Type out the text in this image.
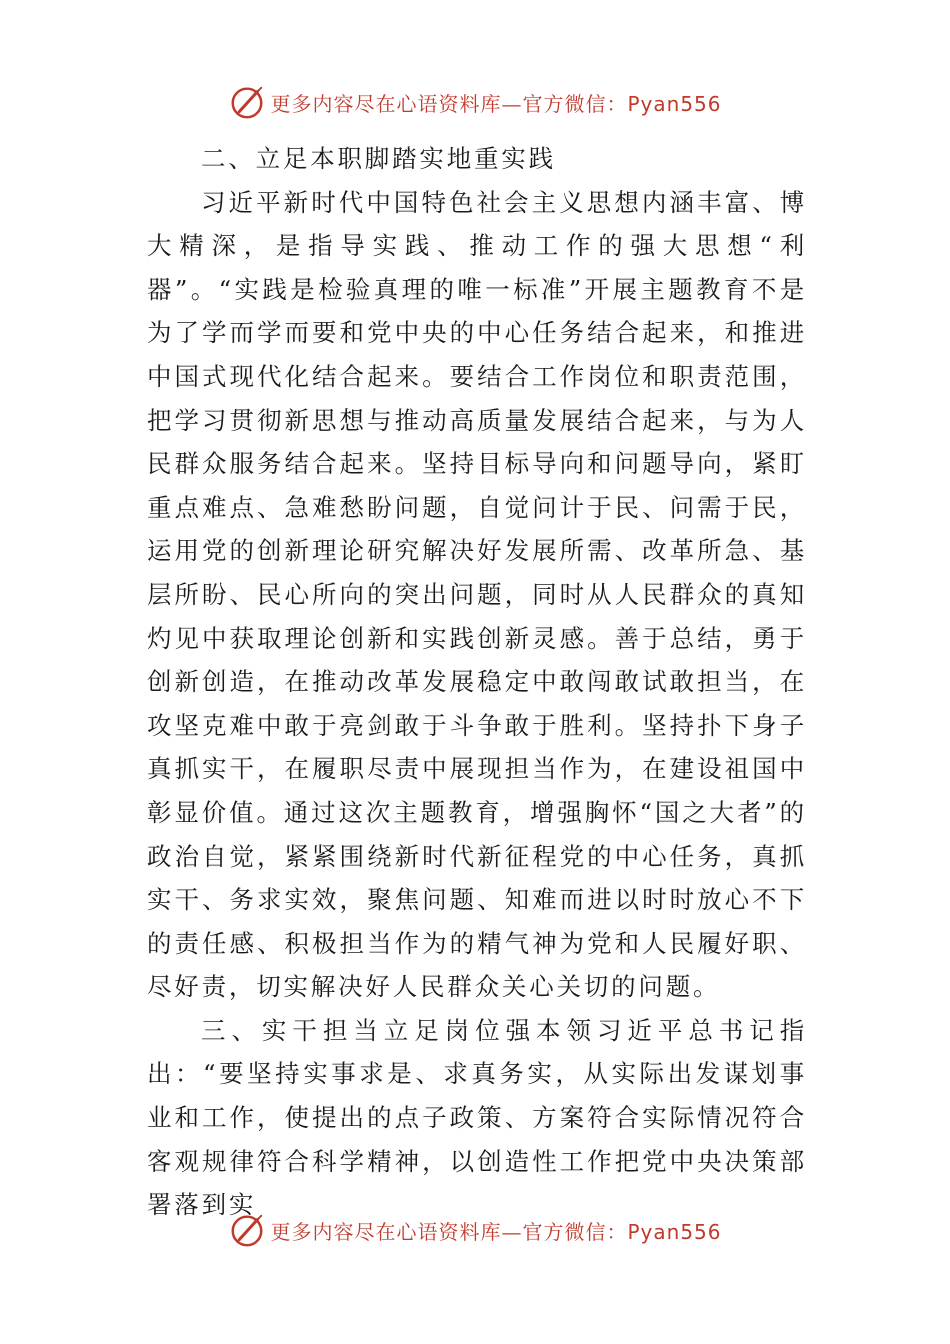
更多内容尽在心语资料库—官方微信：Pyan556

二、立足本职脚踏实地重实践

习近平新时代中国特色社会主义思想内涵丰富、博大精深，是指导实践、推动工作的强大思想“利器”。“实践是检验真理的唯一标准”开展主题教育不是为了学而学而要和党中央的中心任务结合起来，和推进中国式现代化结合起来。要结合工作岗位和职责范围，把学习贯彻新思想与推动高质量发展结合起来，与为人民群众服务结合起来。坚持目标导向和问题导向，紧盯重点难点、急难愁盼问题，自觉问计于民、问需于民，运用党的创新理论研究解决好发展所需、改革所急、基层所盼、民心所向的突出问题，同时从人民群众的真知灼见中获取理论创新和实践创新灵感。善于总结，勇于创新创造，在推动改革发展稳定中敢闯敢试敢担当，在攻坚克难中敢于亮剑敢于斗争敢于胜利。坚持扑下身子真抓实干，在履职尽责中展现担当作为，在建设祖国中彰显价值。通过这次主题教育，增强胸怀“国之大者”的政治自觉，紧紧围绕新时代新征程党的中心任务，真抓实干、务求实效，聚焦问题、知难而进以时时放心不下的责任感、积极担当作为的精气神为党和人民履好职、尽好责，切实解决好人民群众关心关切的问题。

三、实干担当立足岗位强本领习近平总书记指出：“要坚持实事求是、求真务实，从实际出发谋划事业和工作，使提出的点子政策、方案符合实际情况符合客观规律符合科学精神，以创造性工作把党中央决策部署落到实

更多内容尽在心语资料库—官方微信：Pyan556
